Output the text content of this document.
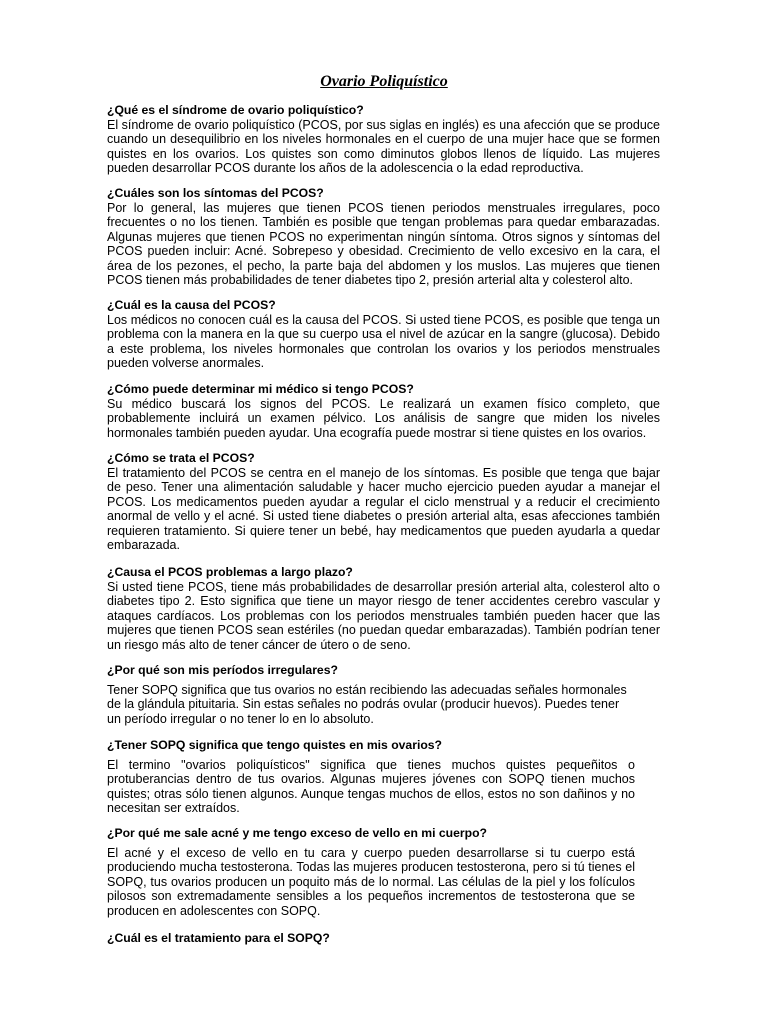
Ovario Poliquístico

¿Qué es el síndrome de ovario poliquístico?

El síndrome de ovario poliquístico (PCOS, por sus siglas en inglés) es una afección que se produce cuando un desequilibrio en los niveles hormonales en el cuerpo de una mujer hace que se formen quistes en los ovarios. Los quistes son como diminutos globos llenos de líquido. Las mujeres pueden desarrollar PCOS durante los años de la adolescencia o la edad reproductiva.

¿Cuáles son los síntomas del PCOS?

Por lo general, las mujeres que tienen PCOS tienen periodos menstruales irregulares, poco frecuentes o no los tienen. También es posible que tengan problemas para quedar embarazadas. Algunas mujeres que tienen PCOS no experimentan ningún síntoma. Otros signos y síntomas del PCOS pueden incluir: Acné. Sobrepeso y obesidad. Crecimiento de vello excesivo en la cara, el área de los pezones, el pecho, la parte baja del abdomen y los muslos. Las mujeres que tienen PCOS tienen más probabilidades de tener diabetes tipo 2, presión arterial alta y colesterol alto.

¿Cuál es la causa del PCOS?

Los médicos no conocen cuál es la causa del PCOS. Si usted tiene PCOS, es posible que tenga un problema con la manera en la que su cuerpo usa el nivel de azúcar en la sangre (glucosa). Debido a este problema, los niveles hormonales que controlan los ovarios y los periodos menstruales pueden volverse anormales.

¿Cómo puede determinar mi médico si tengo PCOS?

Su médico buscará los signos del PCOS. Le realizará un examen físico completo, que probablemente incluirá un examen pélvico. Los análisis de sangre que miden los niveles hormonales también pueden ayudar. Una ecografía puede mostrar si tiene quistes en los ovarios.

¿Cómo se trata el PCOS?

El tratamiento del PCOS se centra en el manejo de los síntomas. Es posible que tenga que bajar de peso. Tener una alimentación saludable y hacer mucho ejercicio pueden ayudar a manejar el PCOS. Los medicamentos pueden ayudar a regular el ciclo menstrual y a reducir el crecimiento anormal de vello y el acné. Si usted tiene diabetes o presión arterial alta, esas afecciones también requieren tratamiento. Si quiere tener un bebé, hay medicamentos que pueden ayudarla a quedar embarazada.

¿Causa el PCOS problemas a largo plazo?

Si usted tiene PCOS, tiene más probabilidades de desarrollar presión arterial alta, colesterol alto o diabetes tipo 2. Esto significa que tiene un mayor riesgo de tener accidentes cerebro vascular y ataques cardíacos. Los problemas con los periodos menstruales también pueden hacer que las mujeres que tienen PCOS sean estériles (no puedan quedar embarazadas). También podrían tener un riesgo más alto de tener cáncer de útero o de seno.

¿Por qué son mis períodos irregulares?

Tener SOPQ significa que tus ovarios no están recibiendo las adecuadas señales hormonales de la glándula pituitaria. Sin estas señales no podrás ovular (producir huevos). Puedes tener un período irregular o no tener lo en lo absoluto.

¿Tener SOPQ significa que tengo quistes en mis ovarios?

El termino "ovarios poliquísticos" significa que tienes muchos quistes pequeñitos o protuberancias dentro de tus ovarios. Algunas mujeres jóvenes con SOPQ tienen muchos quistes; otras sólo tienen algunos. Aunque tengas muchos de ellos, estos no son dañinos y no necesitan ser extraídos.

¿Por qué me sale acné y me tengo exceso de vello en mi cuerpo?

El acné y el exceso de vello en tu cara y cuerpo pueden desarrollarse si tu cuerpo está produciendo mucha testosterona. Todas las mujeres producen testosterona, pero si tú tienes el SOPQ, tus ovarios producen un poquito más de lo normal. Las células de la piel y los folículos pilosos son extremadamente sensibles a los pequeños incrementos de testosterona que se producen en adolescentes con SOPQ.

¿Cuál es el tratamiento para el SOPQ?
